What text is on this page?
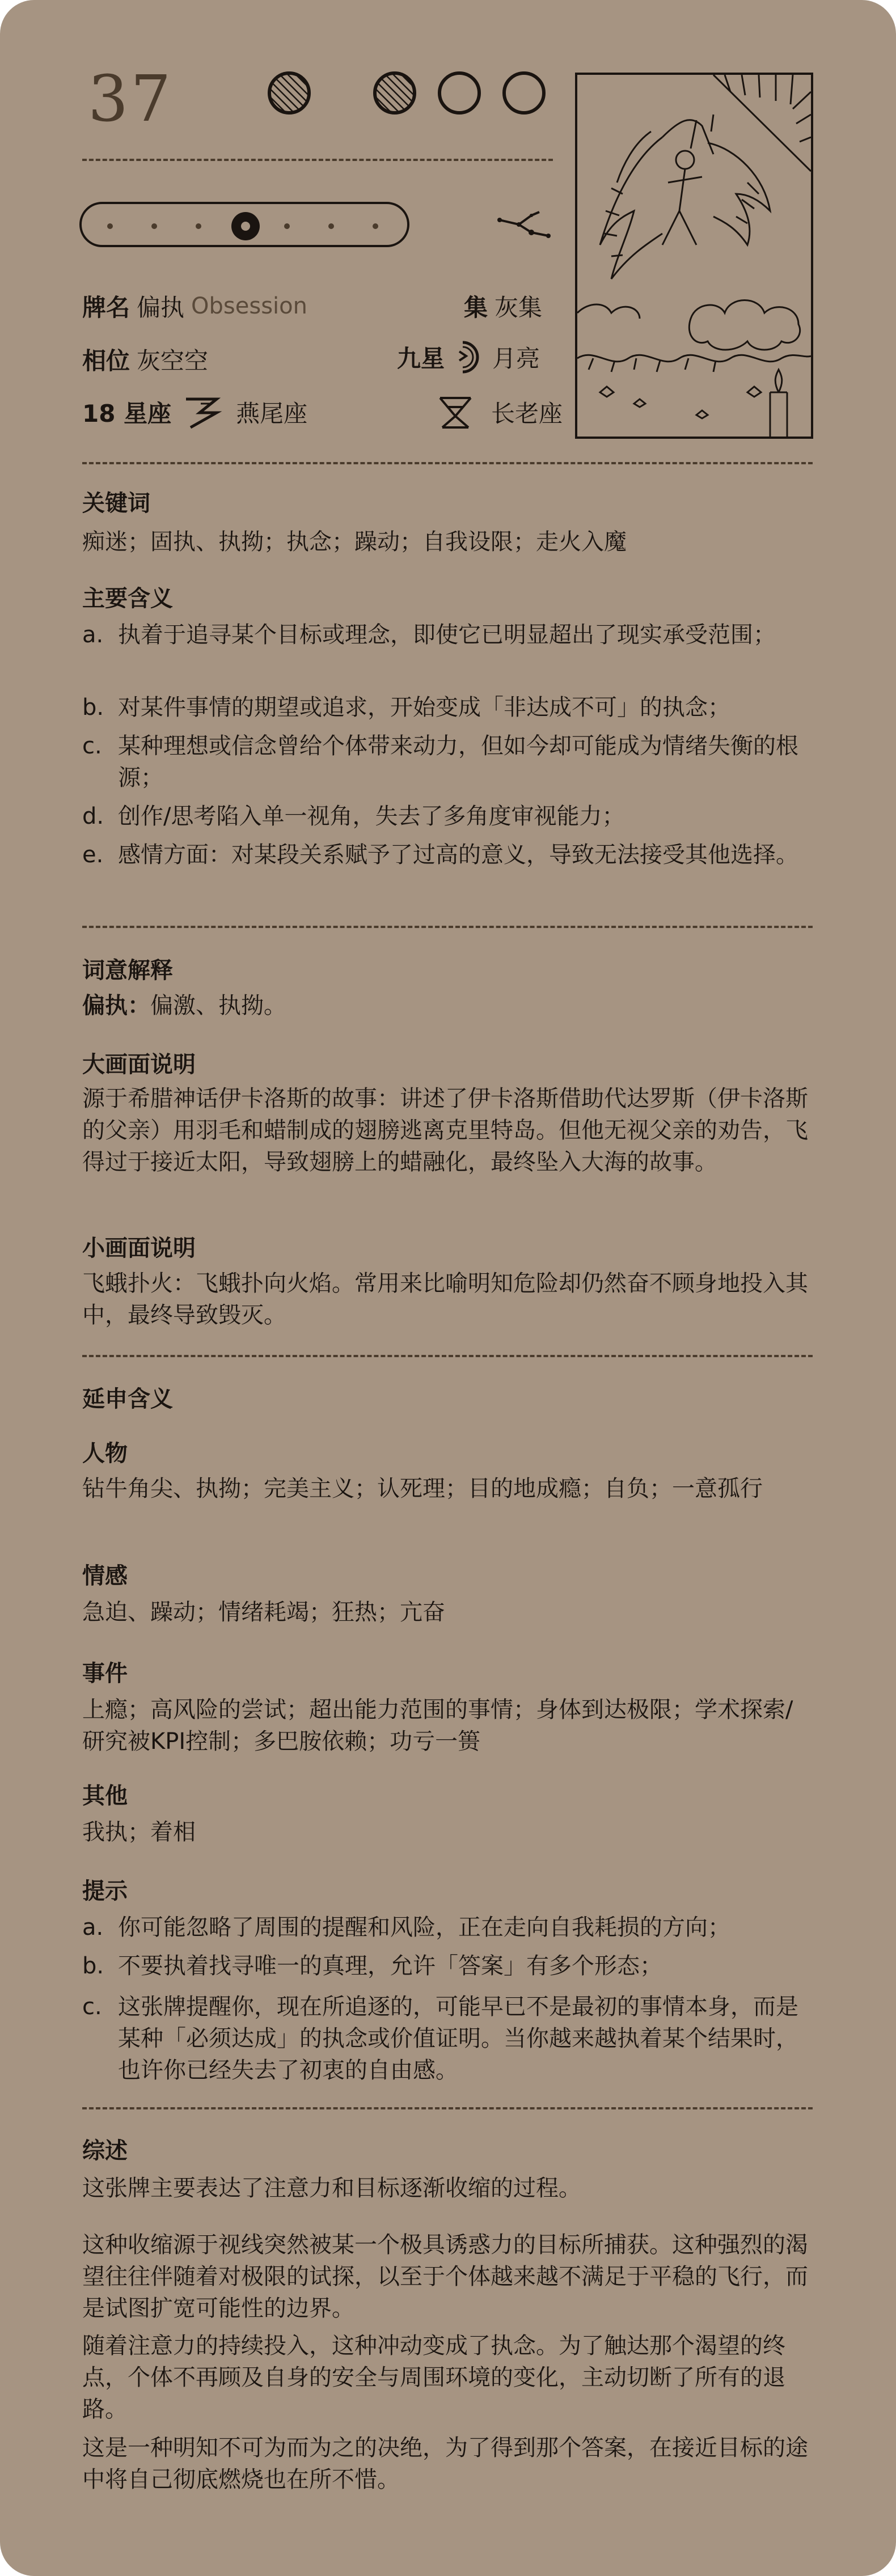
37
牌名 偏执 Obsession	集 灰集
相位 灰空空	九星 月亮
18 星座	燕尾座	长老座
关键词
痴迷；固执、执拗；执念；躁动；自我设限；走火入魔
主要含义
a. 执着于追寻某个目标或理念，即使它已明显超出了现实承受范围；
b. 对某件事情的期望或追求，开始变成「非达成不可」的执念；
c. 某种理想或信念曾给个体带来动力，但如今却可能成为情绪失衡的根源；
d. 创作/思考陷入单一视角，失去了多角度审视能力；
e. 感情方面：对某段关系赋予了过高的意义，导致无法接受其他选择。
词意解释
偏执：偏激、执拗。
大画面说明
源于希腊神话伊卡洛斯的故事：讲述了伊卡洛斯借助代达罗斯（伊卡洛斯的父亲）用羽毛和蜡制成的翅膀逃离克里特岛。但他无视父亲的劝告，飞得过于接近太阳，导致翅膀上的蜡融化，最终坠入大海的故事。
小画面说明
飞蛾扑火：飞蛾扑向火焰。常用来比喻明知危险却仍然奋不顾身地投入其中，最终导致毁灭。
延申含义
人物
钻牛角尖、执拗；完美主义；认死理；目的地成瘾；自负；一意孤行
情感
急迫、躁动；情绪耗竭；狂热；亢奋
事件
上瘾；高风险的尝试；超出能力范围的事情；身体到达极限；学术探索/研究被KPI控制；多巴胺依赖；功亏一篑
其他
我执；着相
提示
a. 你可能忽略了周围的提醒和风险，正在走向自我耗损的方向；
b. 不要执着找寻唯一的真理，允许「答案」有多个形态；
c. 这张牌提醒你，现在所追逐的，可能早已不是最初的事情本身，而是某种「必须达成」的执念或价值证明。当你越来越执着某个结果时，也许你已经失去了初衷的自由感。
综述
这张牌主要表达了注意力和目标逐渐收缩的过程。
这种收缩源于视线突然被某一个极具诱惑力的目标所捕获。这种强烈的渴望往往伴随着对极限的试探，以至于个体越来越不满足于平稳的飞行，而是试图扩宽可能性的边界。
随着注意力的持续投入，这种冲动变成了执念。为了触达那个渴望的终点，个体不再顾及自身的安全与周围环境的变化，主动切断了所有的退路。
这是一种明知不可为而为之的决绝，为了得到那个答案，在接近目标的途中将自己彻底燃烧也在所不惜。
